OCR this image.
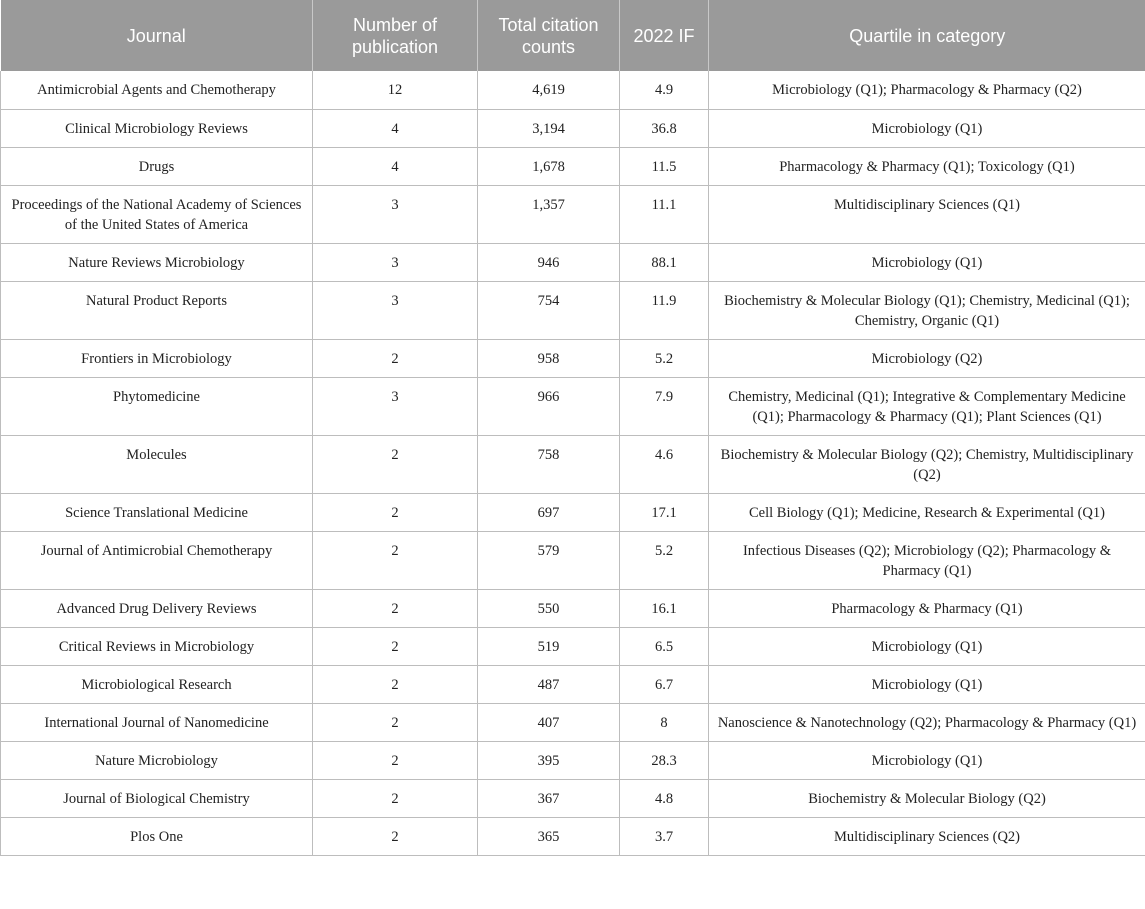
Journal	Number of publication	Total citation counts	2022 IF	Quartile in category
Antimicrobial Agents and Chemotherapy	12	4,619	4.9	Microbiology (Q1); Pharmacology & Pharmacy (Q2)
Clinical Microbiology Reviews	4	3,194	36.8	Microbiology (Q1)
Drugs	4	1,678	11.5	Pharmacology & Pharmacy (Q1); Toxicology (Q1)
Proceedings of the National Academy of Sciences of the United States of America	3	1,357	11.1	Multidisciplinary Sciences (Q1)
Nature Reviews Microbiology	3	946	88.1	Microbiology (Q1)
Natural Product Reports	3	754	11.9	Biochemistry & Molecular Biology (Q1); Chemistry, Medicinal (Q1); Chemistry, Organic (Q1)
Frontiers in Microbiology	2	958	5.2	Microbiology (Q2)
Phytomedicine	3	966	7.9	Chemistry, Medicinal (Q1); Integrative & Complementary Medicine (Q1); Pharmacology & Pharmacy (Q1); Plant Sciences (Q1)
Molecules	2	758	4.6	Biochemistry & Molecular Biology (Q2); Chemistry, Multidisciplinary (Q2)
Science Translational Medicine	2	697	17.1	Cell Biology (Q1); Medicine, Research & Experimental (Q1)
Journal of Antimicrobial Chemotherapy	2	579	5.2	Infectious Diseases (Q2); Microbiology (Q2); Pharmacology & Pharmacy (Q1)
Advanced Drug Delivery Reviews	2	550	16.1	Pharmacology & Pharmacy (Q1)
Critical Reviews in Microbiology	2	519	6.5	Microbiology (Q1)
Microbiological Research	2	487	6.7	Microbiology (Q1)
International Journal of Nanomedicine	2	407	8	Nanoscience & Nanotechnology (Q2); Pharmacology & Pharmacy (Q1)
Nature Microbiology	2	395	28.3	Microbiology (Q1)
Journal of Biological Chemistry	2	367	4.8	Biochemistry & Molecular Biology (Q2)
Plos One	2	365	3.7	Multidisciplinary Sciences (Q2)
